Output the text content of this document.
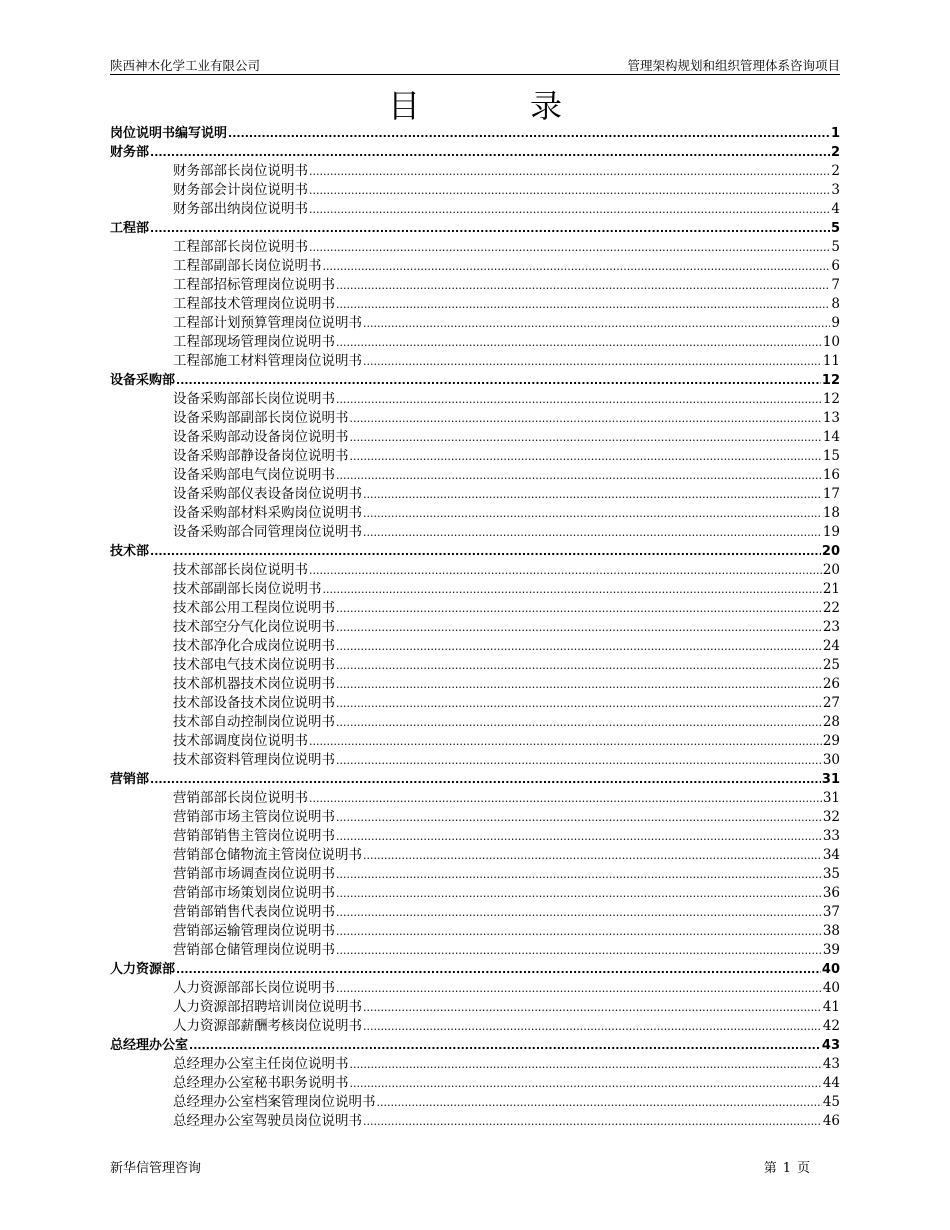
陕西神木化学工业有限公司	管理架构规划和组织管理体系咨询项目
目	录
岗位说明书编写说明 .....	1
财务部 .....	2
财务部部长岗位说明书 .....	2
财务部会计岗位说明书 .....	3
财务部出纳岗位说明书 .....	4
工程部 .....	5
工程部部长岗位说明书 .....	5
工程部副部长岗位说明书 .....	6
工程部招标管理岗位说明书 .....	7
工程部技术管理岗位说明书 .....	8
工程部计划预算管理岗位说明书 .....	9
工程部现场管理岗位说明书 .....	10
工程部施工材料管理岗位说明书 .....	11
设备采购部 .....	12
设备采购部部长岗位说明书 .....	12
设备采购部副部长岗位说明书 .....	13
设备采购部动设备岗位说明书 .....	14
设备采购部静设备岗位说明书 .....	15
设备采购部电气岗位说明书 .....	16
设备采购部仪表设备岗位说明书 .....	17
设备采购部材料采购岗位说明书 .....	18
设备采购部合同管理岗位说明书 .....	19
技术部 .....	20
技术部部长岗位说明书 .....	20
技术部副部长岗位说明书 .....	21
技术部公用工程岗位说明书 .....	22
技术部空分气化岗位说明书 .....	23
技术部净化合成岗位说明书 .....	24
技术部电气技术岗位说明书 .....	25
技术部机器技术岗位说明书 .....	26
技术部设备技术岗位说明书 .....	27
技术部自动控制岗位说明书 .....	28
技术部调度岗位说明书 .....	29
技术部资料管理岗位说明书 .....	30
营销部 .....	31
营销部部长岗位说明书 .....	31
营销部市场主管岗位说明书 .....	32
营销部销售主管岗位说明书 .....	33
营销部仓储物流主管岗位说明书 .....	34
营销部市场调查岗位说明书 .....	35
营销部市场策划岗位说明书 .....	36
营销部销售代表岗位说明书 .....	37
营销部运输管理岗位说明书 .....	38
营销部仓储管理岗位说明书 .....	39
人力资源部 .....	40
人力资源部部长岗位说明书 .....	40
人力资源部招聘培训岗位说明书 .....	41
人力资源部薪酬考核岗位说明书 .....	42
总经理办公室 .....	43
总经理办公室主任岗位说明书 .....	43
总经理办公室秘书职务说明书 .....	44
总经理办公室档案管理岗位说明书 .....	45
总经理办公室驾驶员岗位说明书 .....	46
新华信管理咨询	第 1 页
